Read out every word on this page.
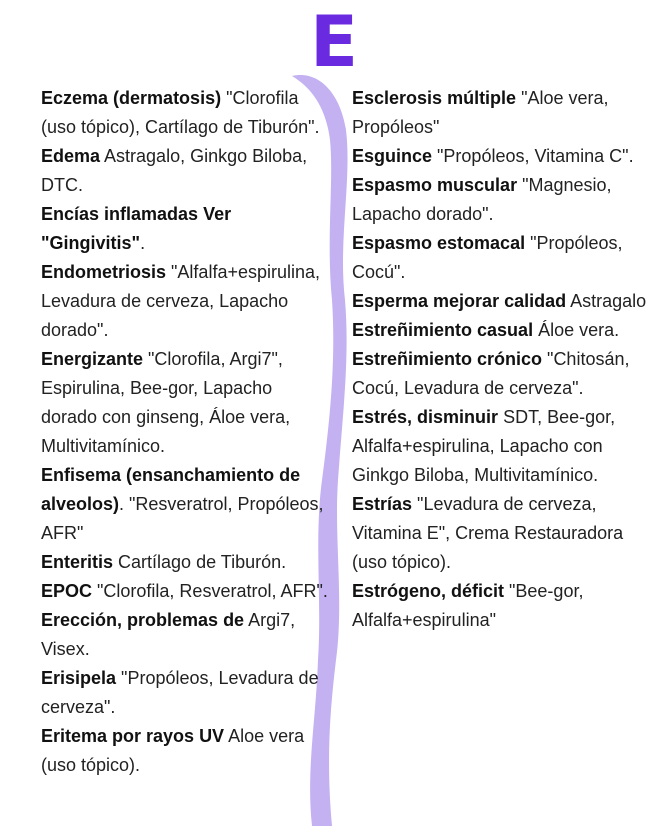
E

Eczema (dermatosis) "Clorofila (uso tópico), Cartílago de Tiburón".

Edema Astragalo, Ginkgo Biloba, DTC.

Encías inflamadas Ver "Gingivitis".

Endometriosis "Alfalfa+espirulina, Levadura de cerveza, Lapacho dorado".

Energizante "Clorofila, Argi7", Espirulina, Bee-gor, Lapacho dorado con ginseng, Áloe vera, Multivitamínico.

Enfisema (ensanchamiento de alveolos). "Resveratrol, Propóleos, AFR"

Enteritis Cartílago de Tiburón.

EPOC "Clorofila, Resveratrol, AFR".

Erección, problemas de Argi7, Visex.

Erisipela "Propóleos, Levadura de cerveza".

Eritema por rayos UV Aloe vera (uso tópico).

Esclerosis múltiple "Aloe vera, Propóleos"

Esguince "Propóleos, Vitamina C".

Espasmo muscular "Magnesio, Lapacho dorado".

Espasmo estomacal "Propóleos, Cocú".

Esperma mejorar calidad Astragalo

Estreñimiento casual Áloe vera.

Estreñimiento crónico "Chitosán, Cocú, Levadura de cerveza".

Estrés, disminuir SDT, Bee-gor, Alfalfa+espirulina, Lapacho con Ginkgo Biloba, Multivitamínico.

Estrías "Levadura de cerveza, Vitamina E", Crema Restauradora (uso tópico).

Estrógeno, déficit "Bee-gor, Alfalfa+espirulina"
